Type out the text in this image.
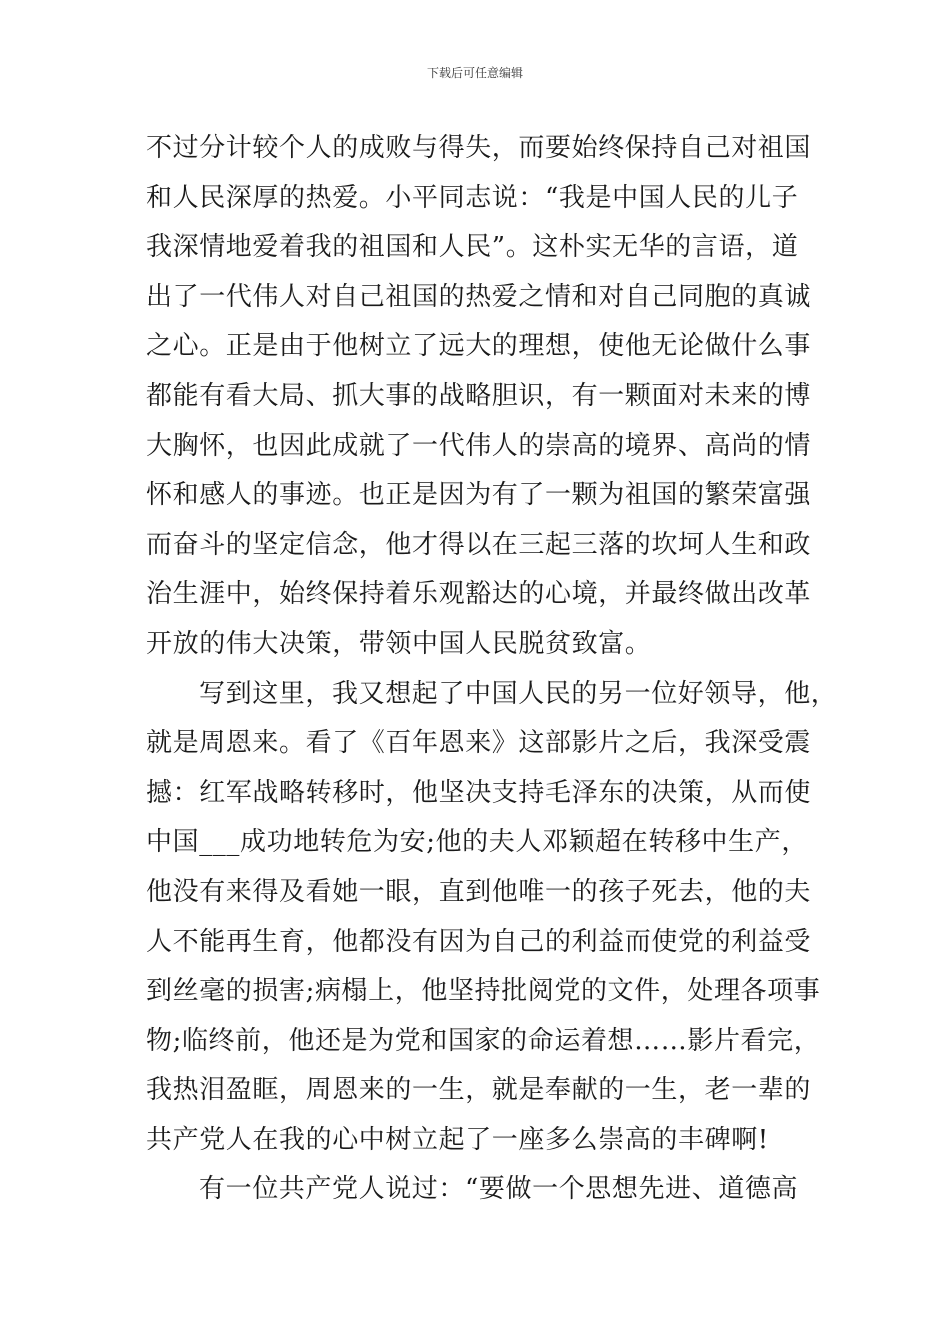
下载后可任意编辑
不过分计较个人的成败与得失，而要始终保持自己对祖国
和人民深厚的热爱。小平同志说：“我是中国人民的儿子
我深情地爱着我的祖国和人民”。这朴实无华的言语，道
出了一代伟人对自己祖国的热爱之情和对自己同胞的真诚
之心。正是由于他树立了远大的理想，使他无论做什么事
都能有看大局、抓大事的战略胆识，有一颗面对未来的博
大胸怀，也因此成就了一代伟人的崇高的境界、高尚的情
怀和感人的事迹。也正是因为有了一颗为祖国的繁荣富强
而奋斗的坚定信念，他才得以在三起三落的坎坷人生和政
治生涯中，始终保持着乐观豁达的心境，并最终做出改革
开放的伟大决策，带领中国人民脱贫致富。
写到这里，我又想起了中国人民的另一位好领导，他，
就是周恩来。看了《百年恩来》这部影片之后，我深受震
撼：红军战略转移时，他坚决支持毛泽东的决策，从而使
中国___成功地转危为安;他的夫人邓颖超在转移中生产，
他没有来得及看她一眼，直到他唯一的孩子死去，他的夫
人不能再生育，他都没有因为自己的利益而使党的利益受
到丝毫的损害;病榻上，他坚持批阅党的文件，处理各项事
物;临终前，他还是为党和国家的命运着想……影片看完，
我热泪盈眶，周恩来的一生，就是奉献的一生，老一辈的
共产党人在我的心中树立起了一座多么崇高的丰碑啊!
有一位共产党人说过：“要做一个思想先进、道德高
